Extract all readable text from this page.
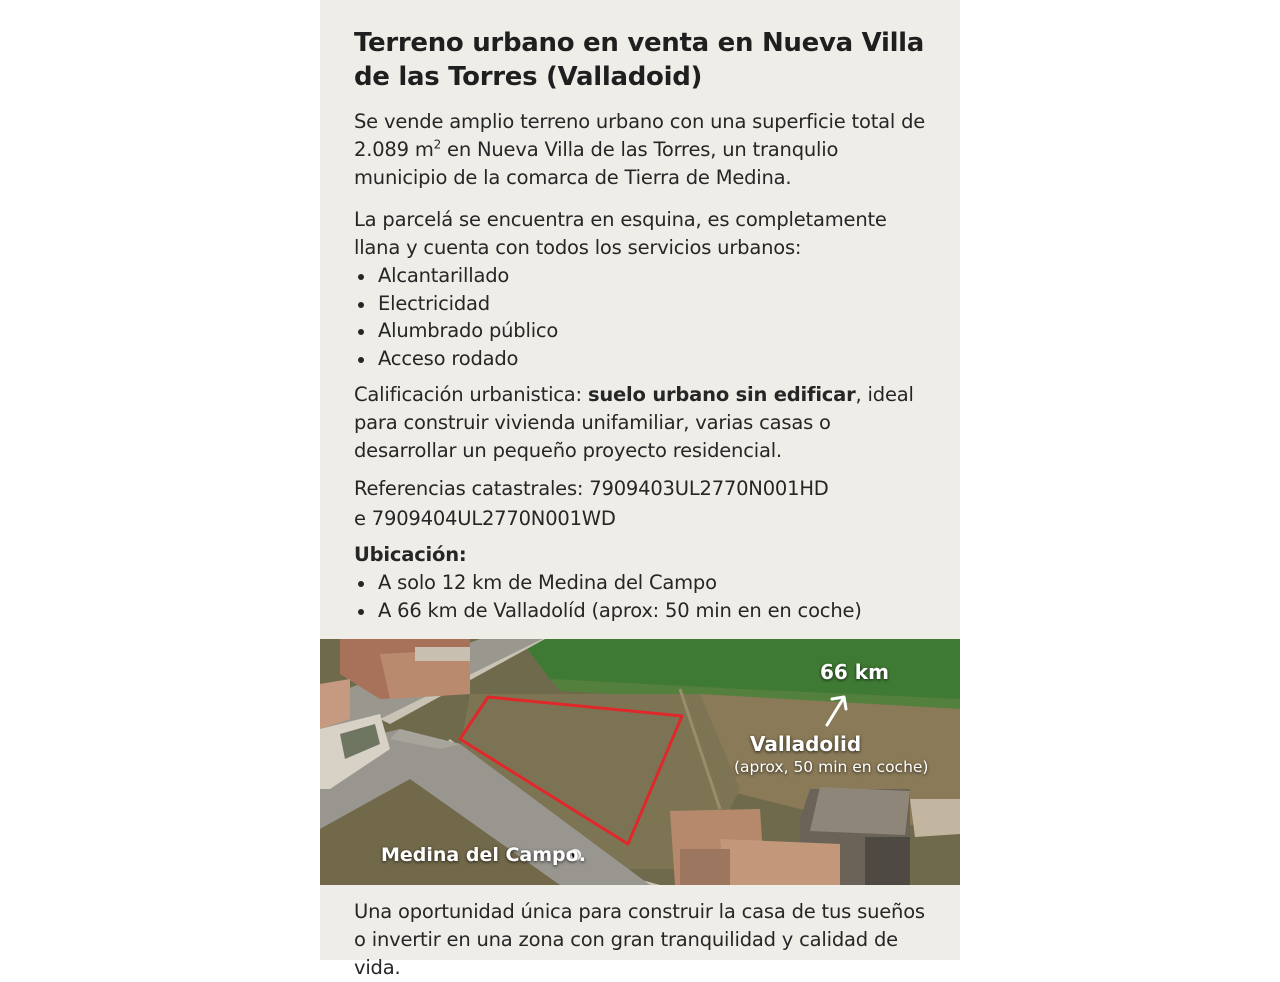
Terreno urbano en venta en Nueva Villa de las Torres (Valladoid)

Se vende amplio terreno urbano con una superficie total de 2.089 $m^2$ en Nueva Villa de las Torres, un tranqulio municipio de la comarca de Tierra de Medina.

La parcelá se encuentra en esquina, es completamente llana y cuenta con todos los servicios urbanos:

Alcantarillado
Electricidad
Alumbrado público
Acceso rodado

Calificación urbanistica: suelo urbano sin edificar, ideal para construir vivienda unifamiliar, varias casas o desarrollar un pequeño proyecto residencial.

Referencias catastrales: 7909403UL2770N001HD
e 7909404UL2770N001WD
Ubicación:
A solo 12 km de Medina del Campo
A 66 km de Valladolíd (aprox: 50 min en en coche)
66 km
Valladolid
(aprox, 50 min en coche)
Medina del Campo.

Una oportunidad única para construir la casa de tus sueños o invertir en una zona con gran tranquilidad y calidad de vida.
